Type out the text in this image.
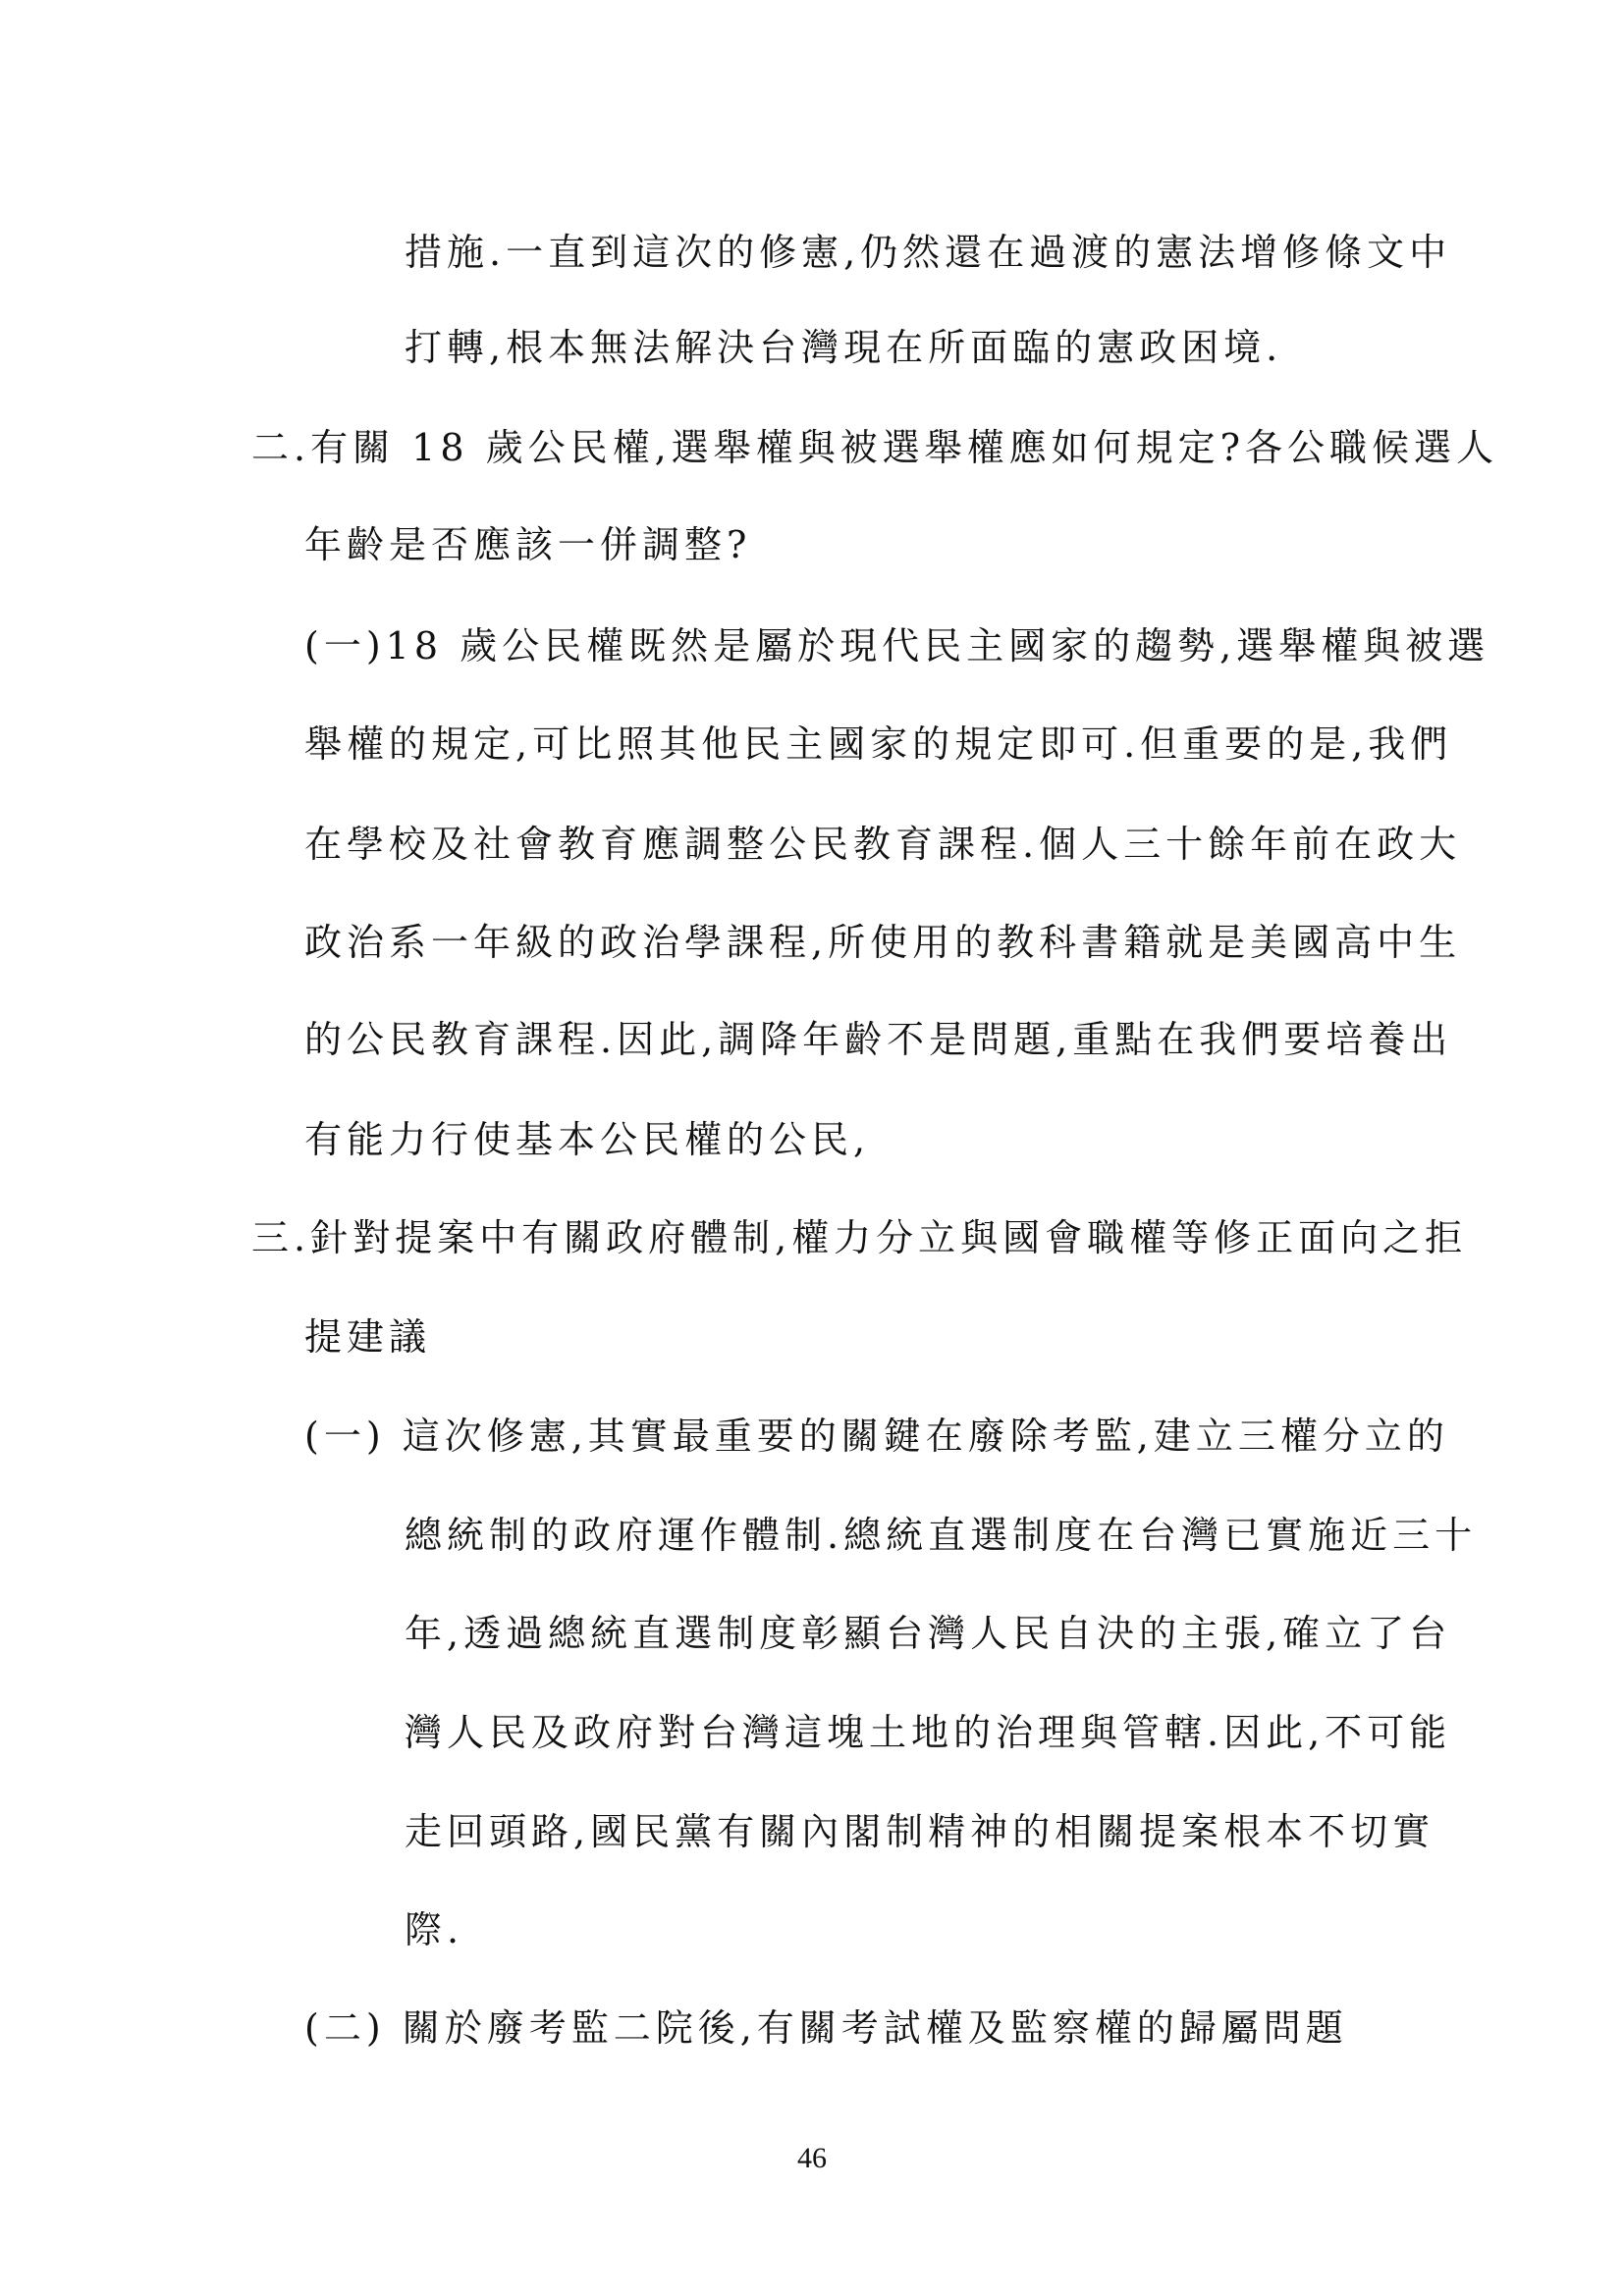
措施.一直到這次的修憲,仍然還在過渡的憲法增修條文中
打轉,根本無法解決台灣現在所面臨的憲政困境.
二.有關 18 歲公民權,選舉權與被選舉權應如何規定?各公職候選人
年齡是否應該一併調整?
(一)18 歲公民權既然是屬於現代民主國家的趨勢,選舉權與被選
舉權的規定,可比照其他民主國家的規定即可.但重要的是,我們
在學校及社會教育應調整公民教育課程.個人三十餘年前在政大
政治系一年級的政治學課程,所使用的教科書籍就是美國高中生
的公民教育課程.因此,調降年齡不是問題,重點在我們要培養出
有能力行使基本公民權的公民,
三.針對提案中有關政府體制,權力分立與國會職權等修正面向之拒
提建議
(一) 這次修憲,其實最重要的關鍵在廢除考監,建立三權分立的
總統制的政府運作體制.總統直選制度在台灣已實施近三十
年,透過總統直選制度彰顯台灣人民自決的主張,確立了台
灣人民及政府對台灣這塊土地的治理與管轄.因此,不可能
走回頭路,國民黨有關內閣制精神的相關提案根本不切實
際.
(二) 關於廢考監二院後,有關考試權及監察權的歸屬問題
46
